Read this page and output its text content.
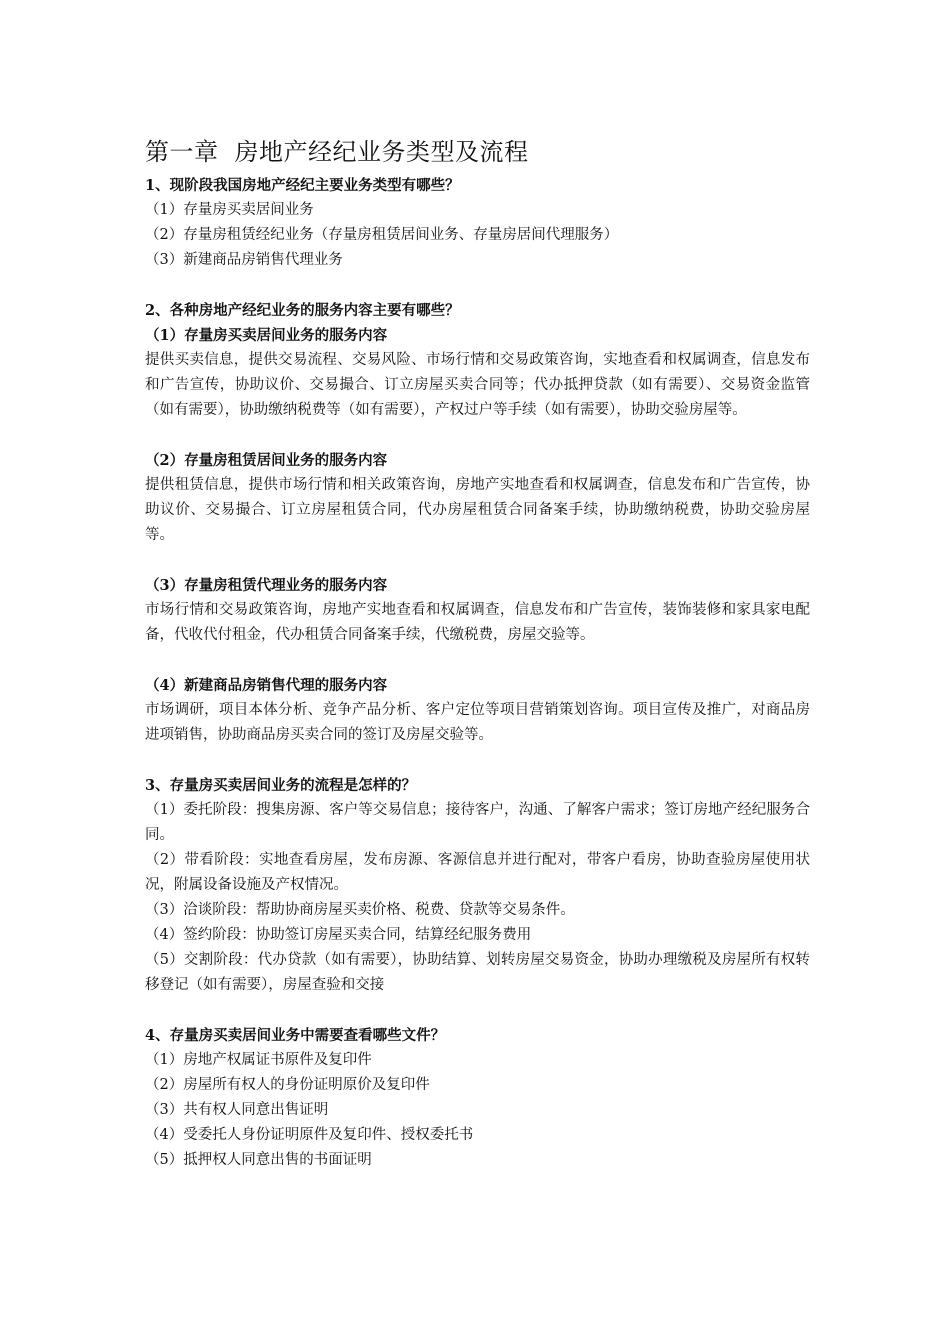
第一章 房地产经纪业务类型及流程

1、现阶段我国房地产经纪主要业务类型有哪些？

（1）存量房买卖居间业务

（2）存量房租赁经纪业务（存量房租赁居间业务、存量房居间代理服务）

（3）新建商品房销售代理业务

2、各种房地产经纪业务的服务内容主要有哪些？

（1）存量房买卖居间业务的服务内容

提供买卖信息，提供交易流程、交易风险、市场行情和交易政策咨询，实地查看和权属调查，信息发布和广告宣传，协助议价、交易撮合、订立房屋买卖合同等；代办抵押贷款（如有需要）、交易资金监管（如有需要），协助缴纳税费等（如有需要），产权过户等手续（如有需要），协助交验房屋等。

（2）存量房租赁居间业务的服务内容

提供租赁信息，提供市场行情和相关政策咨询，房地产实地查看和权属调查，信息发布和广告宣传，协助议价、交易撮合、订立房屋租赁合同，代办房屋租赁合同备案手续，协助缴纳税费，协助交验房屋等。

（3）存量房租赁代理业务的服务内容

市场行情和交易政策咨询，房地产实地查看和权属调查，信息发布和广告宣传，装饰装修和家具家电配备，代收代付租金，代办租赁合同备案手续，代缴税费，房屋交验等。

（4）新建商品房销售代理的服务内容

市场调研，项目本体分析、竞争产品分析、客户定位等项目营销策划咨询。项目宣传及推广，对商品房进项销售，协助商品房买卖合同的签订及房屋交验等。

3、存量房买卖居间业务的流程是怎样的？

（1）委托阶段：搜集房源、客户等交易信息；接待客户，沟通、了解客户需求；签订房地产经纪服务合同。

（2）带看阶段：实地查看房屋，发布房源、客源信息并进行配对，带客户看房，协助查验房屋使用状况，附属设备设施及产权情况。

（3）洽谈阶段：帮助协商房屋买卖价格、税费、贷款等交易条件。

（4）签约阶段：协助签订房屋买卖合同，结算经纪服务费用

（5）交割阶段：代办贷款（如有需要），协助结算、划转房屋交易资金，协助办理缴税及房屋所有权转移登记（如有需要），房屋查验和交接

4、存量房买卖居间业务中需要查看哪些文件？

（1）房地产权属证书原件及复印件

（2）房屋所有权人的身份证明原价及复印件

（3）共有权人同意出售证明

（4）受委托人身份证明原件及复印件、授权委托书

（5）抵押权人同意出售的书面证明
